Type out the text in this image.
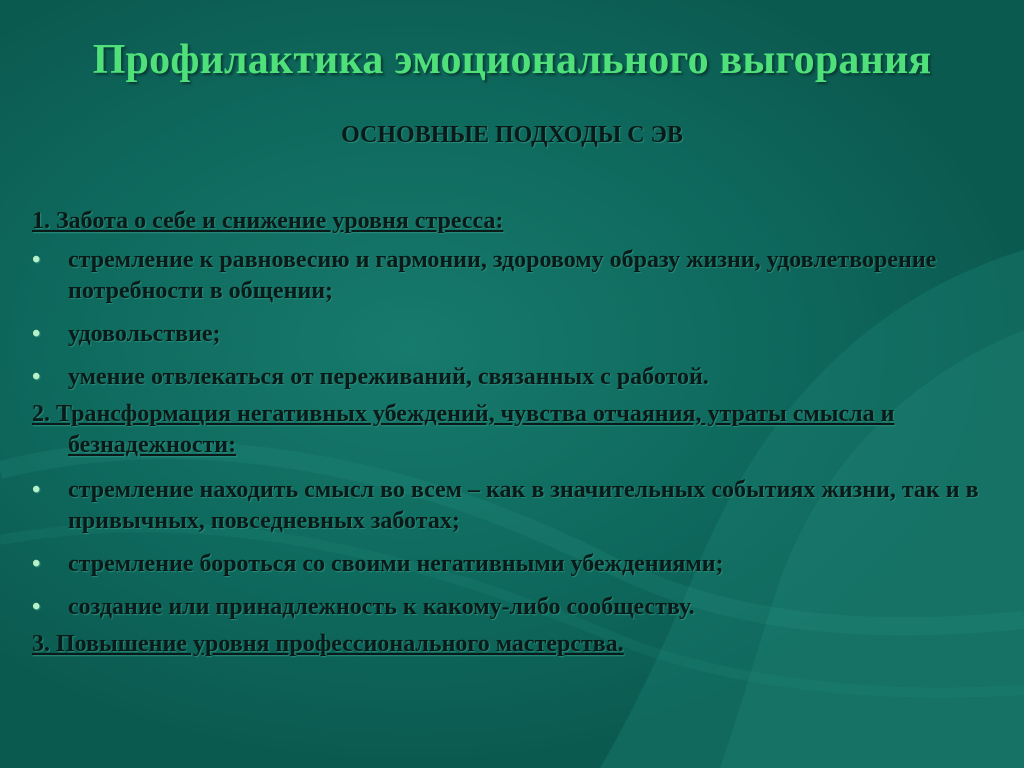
Профилактика эмоционального выгорания
ОСНОВНЫЕ ПОДХОДЫ С ЭВ
1. Забота о себе и снижение уровня стресса:
• стремление к равновесию и гармонии, здоровому образу жизни, удовлетворение потребности в общении;
• удовольствие;
• умение отвлекаться от переживаний, связанных с работой.
2. Трансформация негативных убеждений, чувства отчаяния, утраты смысла и безнадежности:
• стремление находить смысл во всем – как в значительных событиях жизни, так и в привычных, повседневных заботах;
• стремление бороться со своими негативными убеждениями;
• создание или принадлежность к какому-либо сообществу.
3. Повышение уровня профессионального мастерства.
